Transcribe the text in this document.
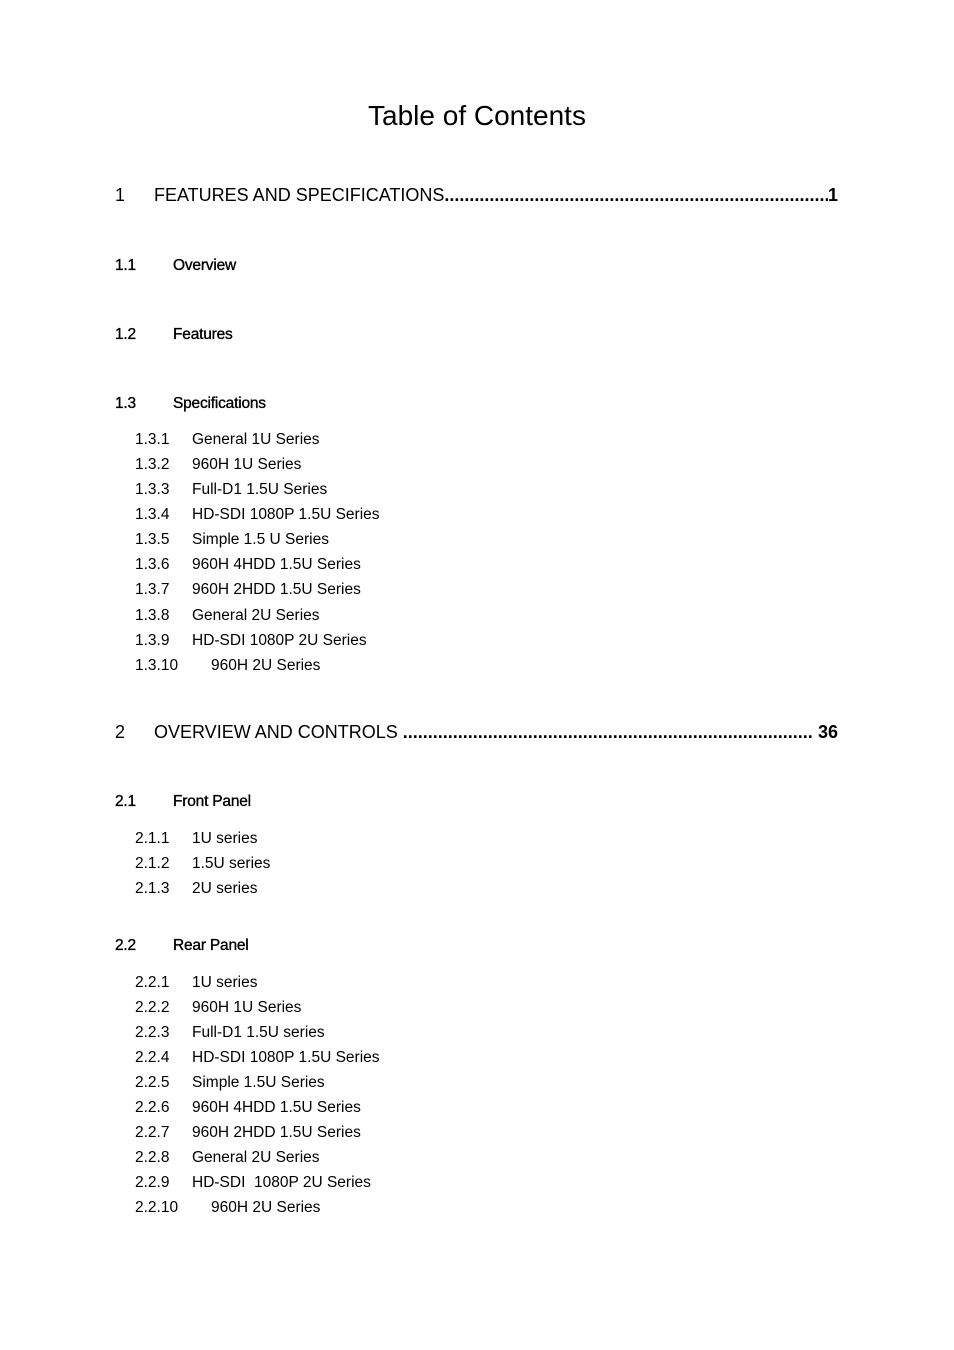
Table of Contents
1	FEATURES AND SPECIFICATIONS .....	1
1.1 Overview
1.2 Features
1.3 Specifications
1.3.1 General 1U Series
1.3.2 960H 1U Series
1.3.3 Full-D1 1.5U Series
1.3.4 HD-SDI 1080P 1.5U Series
1.3.5 Simple 1.5 U Series
1.3.6 960H 4HDD 1.5U Series
1.3.7 960H 2HDD 1.5U Series
1.3.8 General 2U Series
1.3.9 HD-SDI 1080P 2U Series
1.3.10 960H 2U Series
2	OVERVIEW AND CONTROLS .....	36
2.1 Front Panel
2.1.1 1U series
2.1.2 1.5U series
2.1.3 2U series
2.2 Rear Panel
2.2.1 1U series
2.2.2 960H 1U Series
2.2.3 Full-D1 1.5U series
2.2.4 HD-SDI 1080P 1.5U Series
2.2.5 Simple 1.5U Series
2.2.6 960H 4HDD 1.5U Series
2.2.7 960H 2HDD 1.5U Series
2.2.8 General 2U Series
2.2.9 HD-SDI  1080P 2U Series
2.2.10 960H 2U Series
